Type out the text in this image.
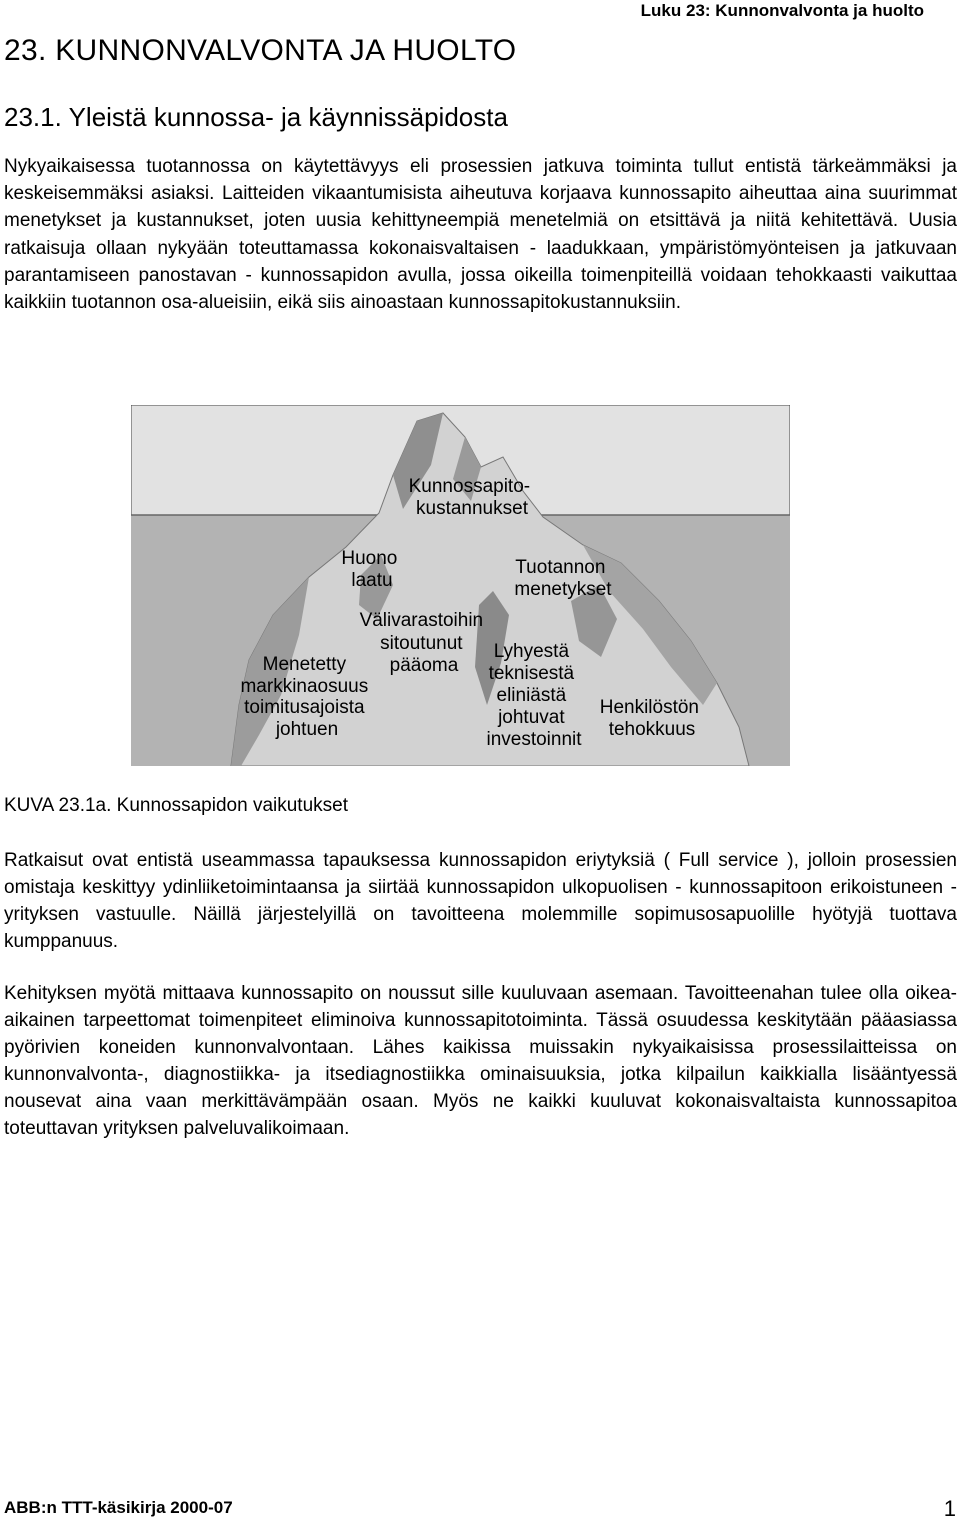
Luku 23: Kunnonvalvonta ja huolto
23. KUNNONVALVONTA JA HUOLTO
23.1. Yleistä kunnossa- ja käynnissäpidosta

Nykyaikaisessa tuotannossa on käytettävyys eli prosessien jatkuva toiminta tullut entistä tärkeämmäksi ja keskeisemmäksi asiaksi. Laitteiden vikaantumisista aiheutuva korjaava kunnossapito aiheuttaa aina suurimmat menetykset ja kustannukset, joten uusia kehittyneempiä menetelmiä on etsittävä ja niitä kehitettävä. Uusia ratkaisuja ollaan nykyään toteuttamassa kokonaisvaltaisen - laadukkaan, ympäristömyönteisen ja jatkuvaan parantamiseen panostavan - kunnossapidon avulla, jossa oikeilla toimenpiteillä voidaan tehokkaasti vaikuttaa kaikkiin tuotannon osa-alueisiin, eikä siis ainoastaan kunnossapitokustannuksiin.

Kunnossapito- kustannukset
Huono laatu
Tuotannon menetykset
Välivarastoihin sitoutunut pääoma
Menetetty markkinaosuus toimitusajoista johtuen
Lyhyestä teknisestä eliniästä johtuvat investoinnit
Henkilöstön tehokkuus

KUVA 23.1a. Kunnossapidon vaikutukset

Ratkaisut ovat entistä useammassa tapauksessa kunnossapidon eriytyksiä ( Full service ), jolloin prosessien omistaja keskittyy ydinliiketoimintaansa ja siirtää kunnossapidon ulkopuolisen - kunnossapitoon erikoistuneen - yrityksen vastuulle. Näillä järjestelyillä on tavoitteena molemmille sopimusosapuolille hyötyjä tuottava kumppanuus.

Kehityksen myötä mittaava kunnossapito on noussut sille kuuluvaan asemaan. Tavoitteenahan tulee olla oikea-aikainen tarpeettomat toimenpiteet eliminoiva kunnossapitotoiminta. Tässä osuudessa keskitytään pääasiassa pyörivien koneiden kunnonvalvontaan. Lähes kaikissa muissakin nykyaikaisissa prosessilaitteissa on kunnonvalvonta-, diagnostiikka- ja itsediagnostiikka ominaisuuksia, jotka kilpailun kaikkialla lisääntyessä nousevat aina vaan merkittävämpään osaan. Myös ne kaikki kuuluvat kokonaisvaltaista kunnossapitoa toteuttavan yrityksen palveluvalikoimaan.

ABB:n TTT-käsikirja 2000-07	1
